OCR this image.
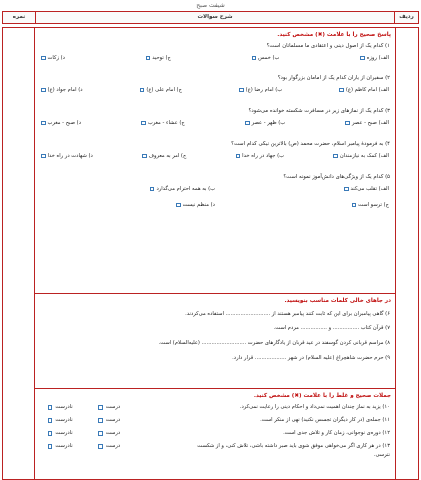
شیفت صبح
ردیف
شرح سوالات
نمره
پاسخ صحیح را با علامت (✖) مشخص کنید.
۱) کدام یک از اصول دینی و اعتقادی ما مسلمانان است؟
الف) روزه
ب) خمس
ج) توحید
د) زکات
۲) سفیران از یاران کدام یک از امامان بزرگوار بود؟
الف) امام کاظم (ع)
ب) امام رضا (ع)
ج) امام علی (ع)
د) امام جواد (ع)
۳) کدام یک از نمازهای زیر در مسافرت شکسته خوانده می‌شود؟
الف) صبح - عصر
ب) ظهر - عصر
ج) عشاء - مغرب
د) صبح - مغرب
۴) به فرمودهٔ پیامبر اسلام، حضرت محمد (ص) بالاترین نیکی کدام است؟
الف) کمک به نیازمندان
ب) جهاد در راه خدا
ج) امر به معروف
د) شهادت در راه خدا
۵) کدام یک از ویژگی‌های دانش‌آموز نمونه است؟
الف) تقلب می‌کند
ب) به همه احترام می‌گذارد
ج) ترسو است
د) منظم نیست
در جاهای خالی کلمات مناسب بنویسید.
۶) گاهی پیامبران برای این که ثابت کنند پیامبر هستند از ........................... استفاده می‌کردند.
۷) قرآن کتاب ................ و ................ مردم است.
۸) مراسم قربانی کردن گوسفند در عید قربان از یادگارهای حضرت ........................... (علیه‌السلام) است.
۹) حرم حضرت شاهچراغ (علیه السلام) در شهر ................... قرار دارد.
جملات صحیح و غلط را با علامت (✖) مشخص کنید.
۱۰) یزید به نماز چندان اهمیت نمی‌داد و احکام دینی را رعایت نمی‌کرد.
درست
نادرست
۱۱) جمله‌ی (در کار دیگران تجسس نکنید) نهی از منکر است.
درست
نادرست
۱۲) دوره‌ی نوجوانی، زمان کار و تلاش جدی است.
درست
نادرست
۱۳) در هر کاری اگر می‌خواهی موفق شوی باید صبر داشته باشی، تلاش کنی، و از شکست
درست
نادرست
نترسی.
